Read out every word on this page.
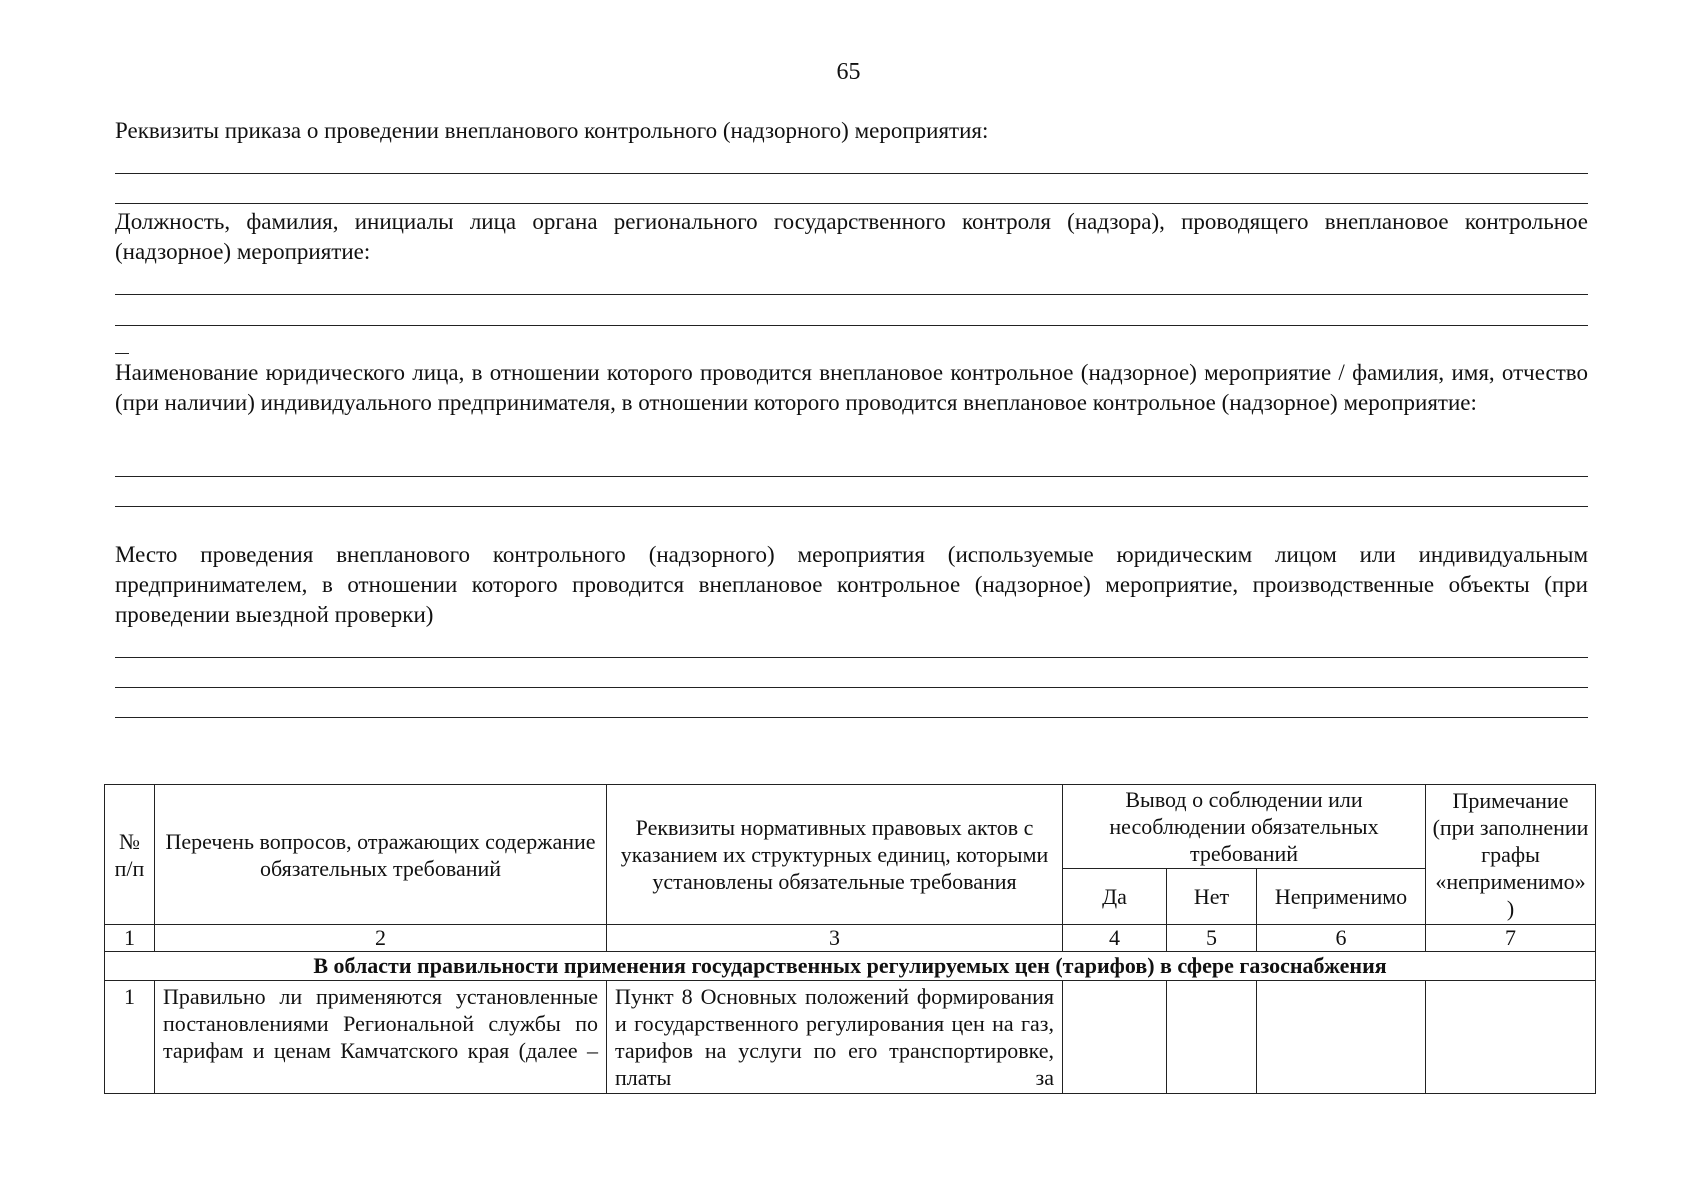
65
Реквизиты приказа о проведении внепланового контрольного (надзорного) мероприятия:
Должность, фамилия, инициалы лица органа регионального государственного контроля (надзора), проводящего внеплановое контрольное (надзорное) мероприятие:
Наименование юридического лица, в отношении которого проводится внеплановое контрольное (надзорное) мероприятие / фамилия, имя, отчество (при наличии) индивидуального предпринимателя, в отношении которого проводится внеплановое контрольное (надзорное) мероприятие:
Место проведения внепланового контрольного (надзорного) мероприятия (используемые юридическим лицом или индивидуальным предпринимателем, в отношении которого проводится внеплановое контрольное (надзорное) мероприятие, производственные объекты (при проведении выездной проверки)
№ п/п	Перечень вопросов, отражающих содержание обязательных требований	Реквизиты нормативных правовых актов с указанием их структурных единиц, которыми установлены обязательные требования	Вывод о соблюдении или несоблюдении обязательных требований			Примечание (при заполнении графы «неприменимо» )
			Да	Нет	Неприменимо	
1	2	3	4	5	6	7
В области правильности применения государственных регулируемых цен (тарифов) в сфере газоснабжения						
1	Правильно ли применяются установленные постановлениями Региональной службы по тарифам и ценам Камчатского края (далее –	Пункт 8 Основных положений формирования и государственного регулирования цен на газ, тарифов на услуги по его транспортировке, платы за				
